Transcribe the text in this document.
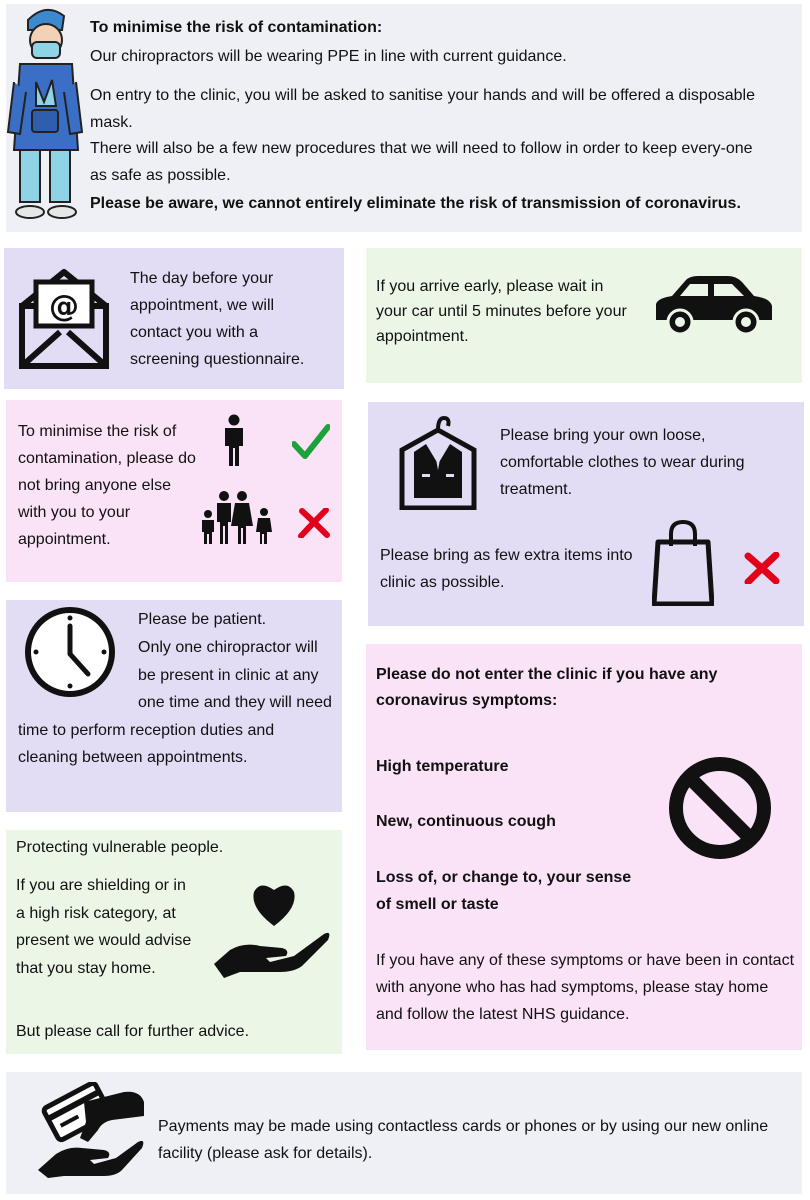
To minimise the risk of contamination:
Our chiropractors will be wearing PPE in line with current guidance.
On entry to the clinic, you will be asked to sanitise your hands and will be offered a disposable mask.
There will also be a few new procedures that we will need to follow in order to keep every-one as safe as possible.
Please be aware, we cannot entirely eliminate the risk of transmission of coronavirus.
@
The day before your appointment, we will contact you with a screening questionnaire.
If you arrive early, please wait in your car until 5 minutes before your appointment.
To minimise the risk of contamination, please do not bring anyone else with you to your appointment.
Please bring your own loose, comfortable clothes to wear during treatment.
Please bring as few extra items into clinic as possible.
Please be patient.

Only one chiropractor will be present in clinic at any one time and they will need time to perform reception duties and cleaning between appointments.

Please do not enter the clinic if you have any coronavirus symptoms:
High temperature
New, continuous cough
Loss of, or change to, your sense of smell or taste
If you have any of these symptoms or have been in contact with anyone who has had symptoms, please stay home and follow the latest NHS guidance.
Protecting vulnerable people.
If you are shielding or in a high risk category, at present we would advise that you stay home.
But please call for further advice.
Payments may be made using contactless cards or phones or by using our new online facility (please ask for details).
